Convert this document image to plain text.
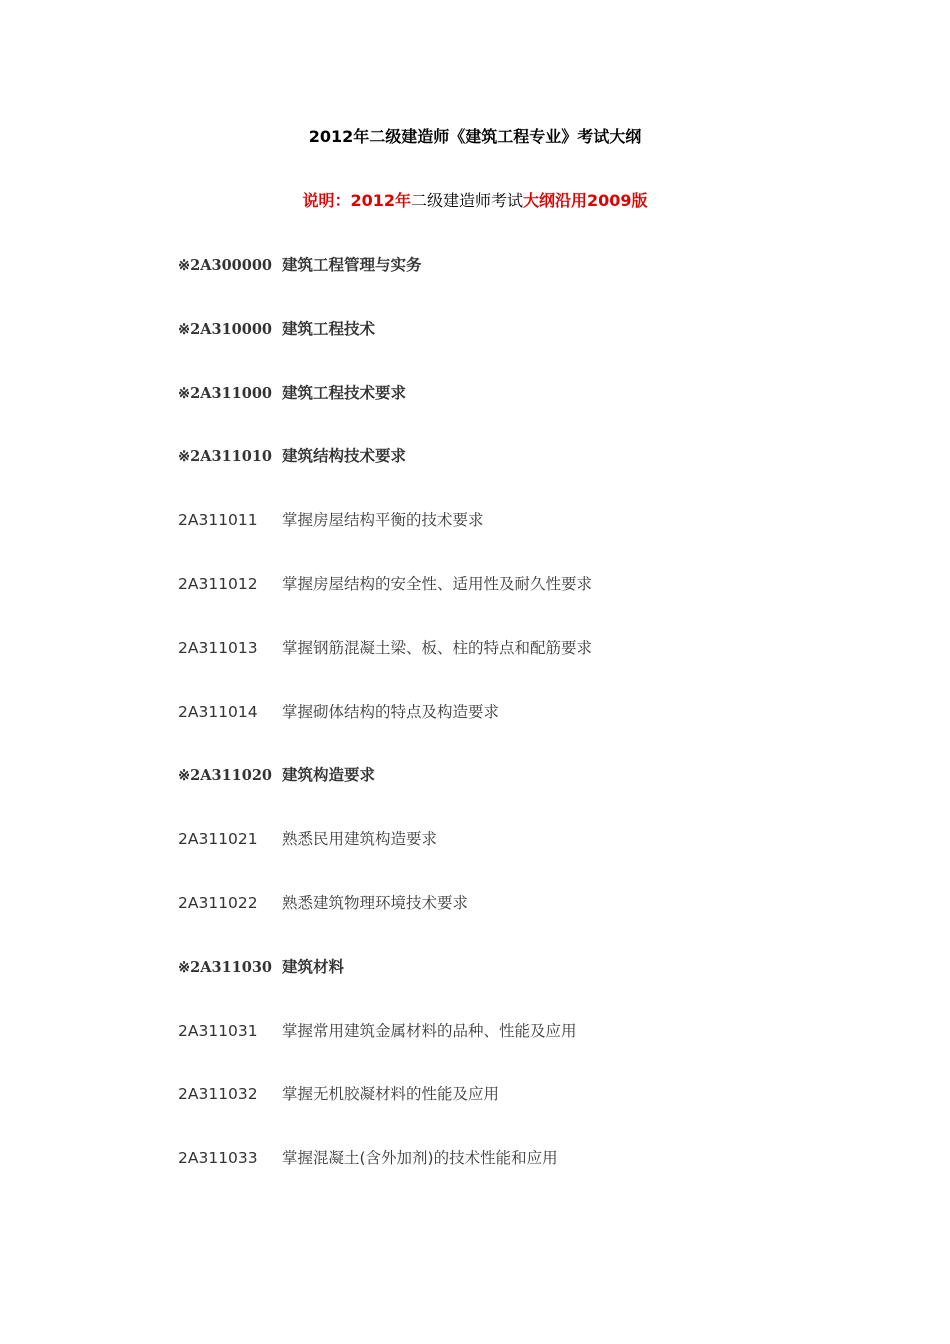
2012年二级建造师《建筑工程专业》考试大纲
说明：2012年二级建造师考试大纲沿用2009版
※2A300000 建筑工程管理与实务
※2A310000 建筑工程技术
※2A311000 建筑工程技术要求
※2A311010 建筑结构技术要求
2A311011 掌握房屋结构平衡的技术要求
2A311012 掌握房屋结构的安全性、适用性及耐久性要求
2A311013 掌握钢筋混凝土梁、板、柱的特点和配筋要求
2A311014 掌握砌体结构的特点及构造要求
※2A311020 建筑构造要求
2A311021 熟悉民用建筑构造要求
2A311022 熟悉建筑物理环境技术要求
※2A311030 建筑材料
2A311031 掌握常用建筑金属材料的品种、性能及应用
2A311032 掌握无机胶凝材料的性能及应用
2A311033 掌握混凝土(含外加剂)的技术性能和应用
